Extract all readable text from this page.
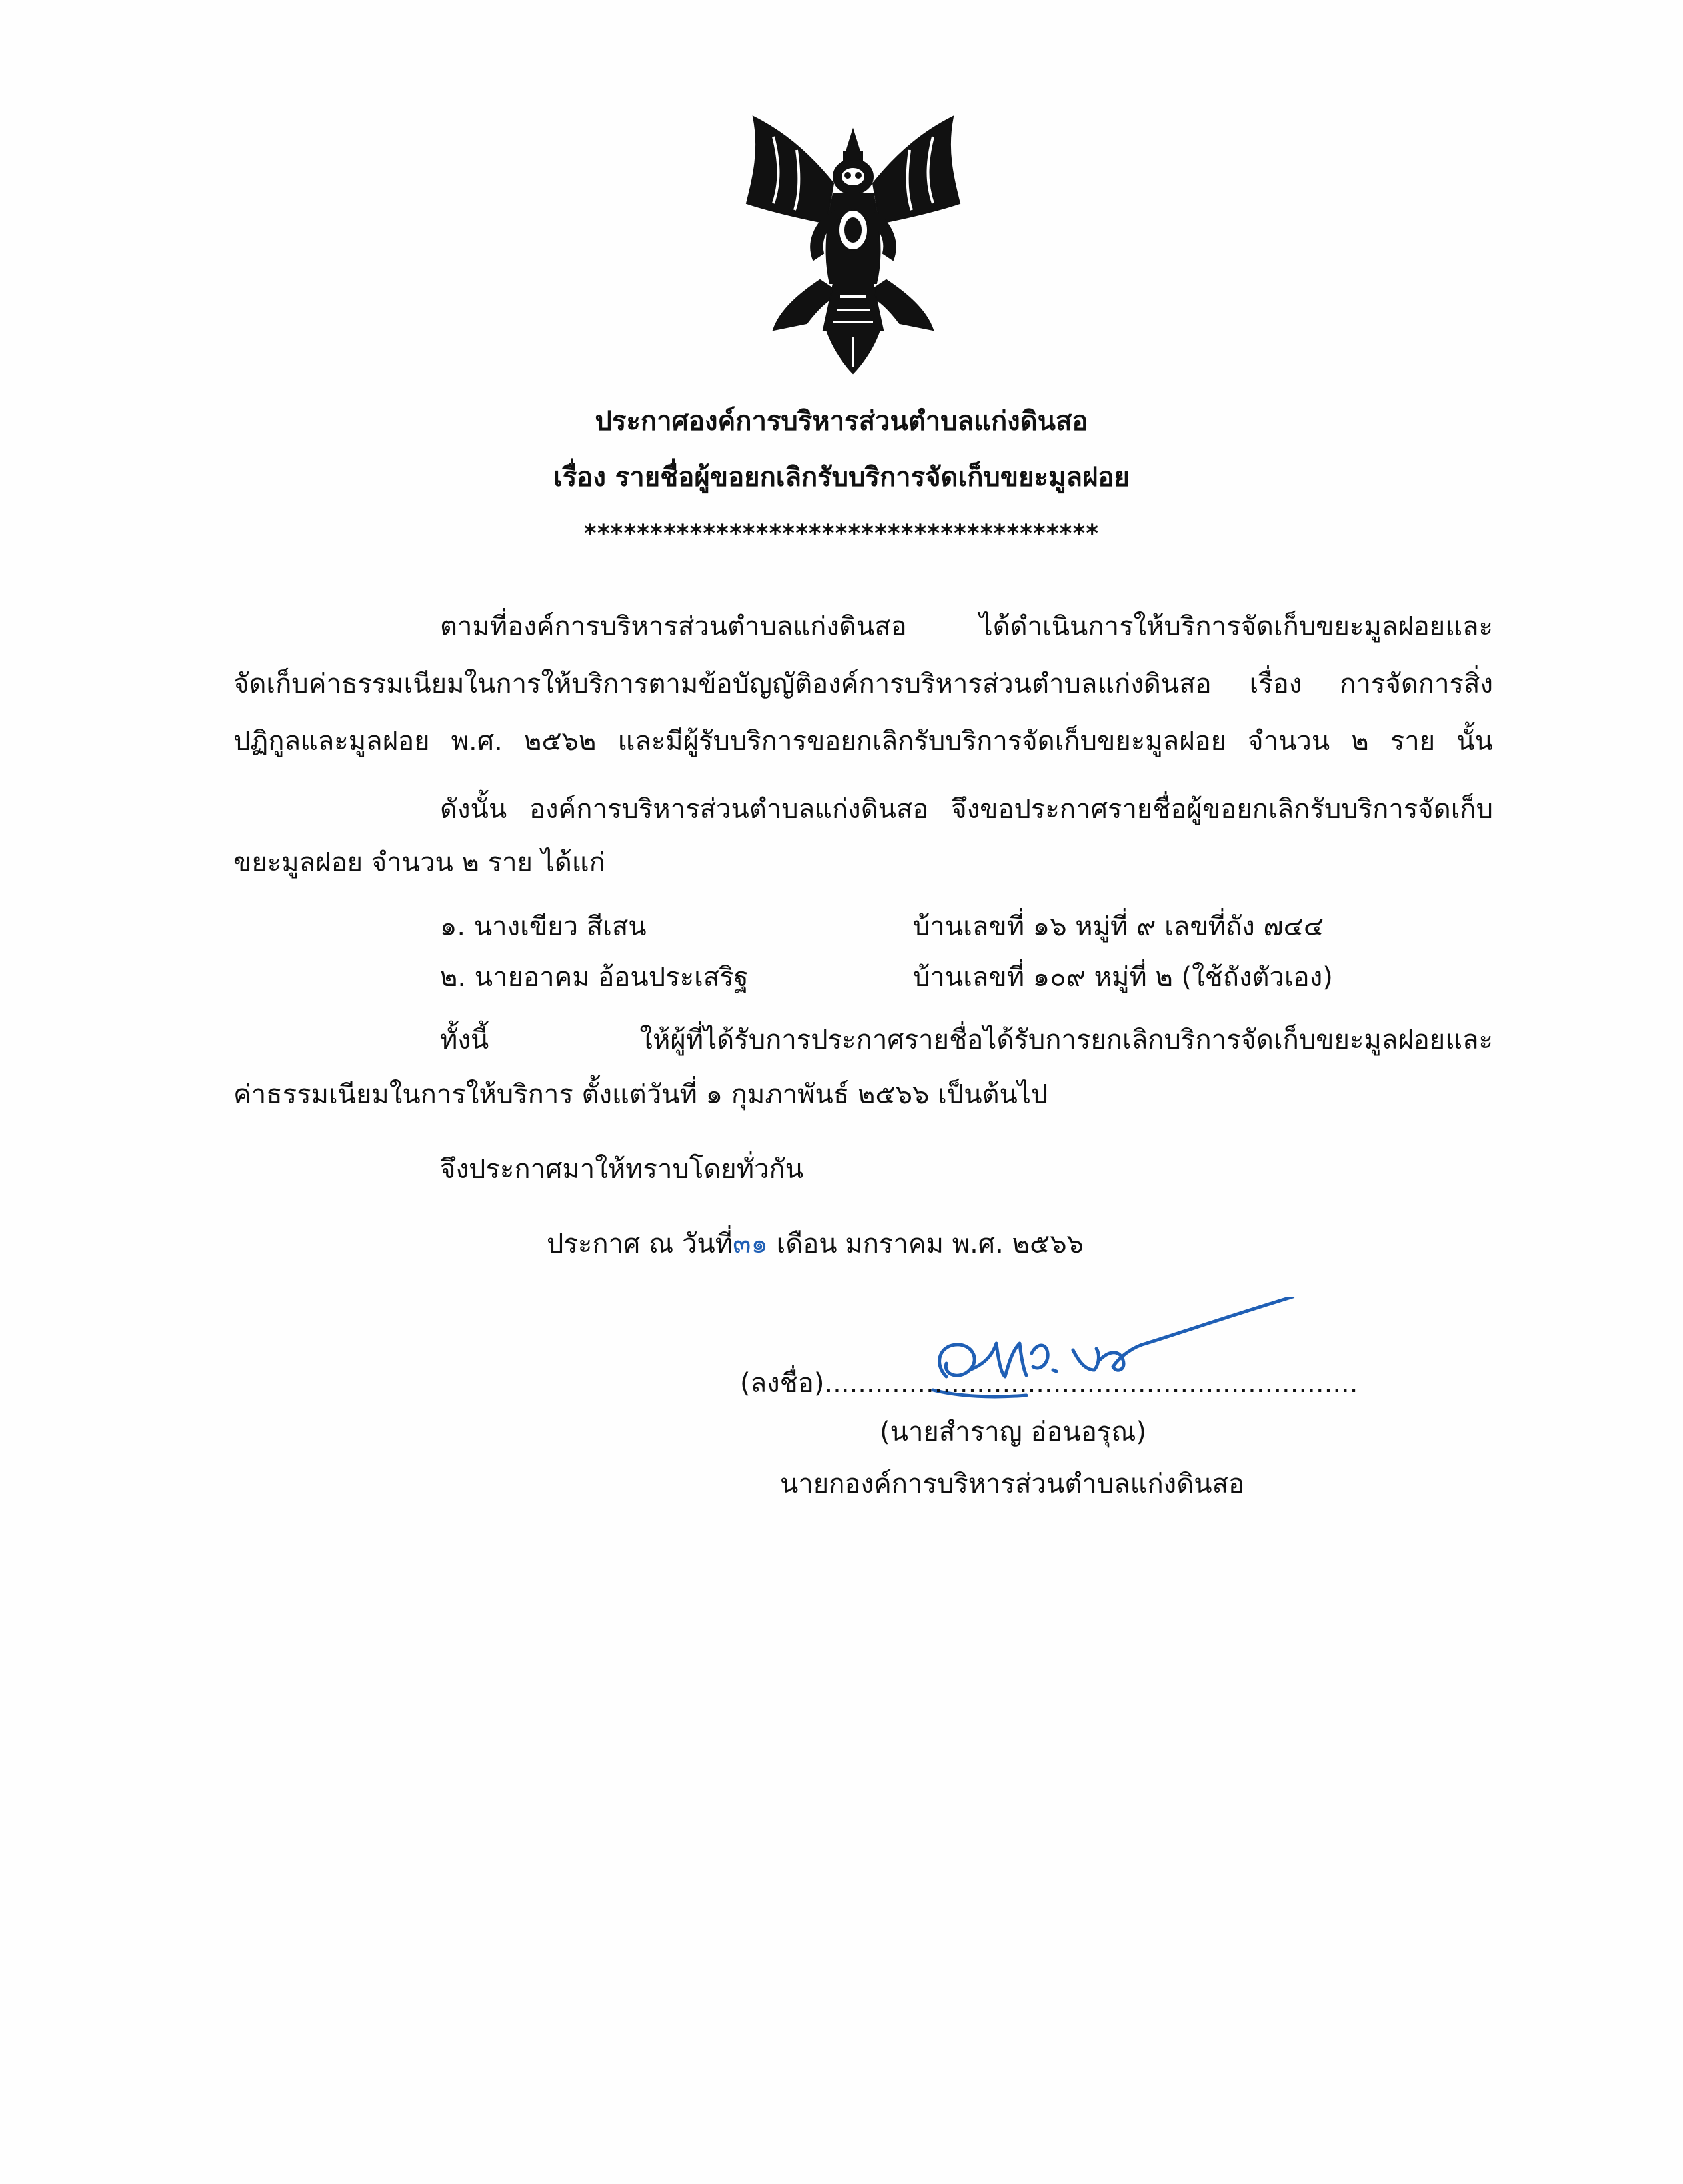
ประกาศองค์การบริหารส่วนตำบลแก่งดินสอ
เรื่อง รายชื่อผู้ขอยกเลิกรับบริการจัดเก็บขยะมูลฝอย
***************************************
ตามที่องค์การบริหารส่วนตำบลแก่งดินสอ ได้ดำเนินการให้บริการจัดเก็บขยะมูลฝอยและ
จัดเก็บค่าธรรมเนียมในการให้บริการตามข้อบัญญัติองค์การบริหารส่วนตำบลแก่งดินสอ เรื่อง การจัดการสิ่ง
ปฏิกูลและมูลฝอย พ.ศ. ๒๕๖๒ และมีผู้รับบริการขอยกเลิกรับบริการจัดเก็บขยะมูลฝอย จำนวน ๒ ราย นั้น
ดังนั้น องค์การบริหารส่วนตำบลแก่งดินสอ จึงขอประกาศรายชื่อผู้ขอยกเลิกรับบริการจัดเก็บ
ขยะมูลฝอย จำนวน ๒ ราย ได้แก่
๑. นางเขียว สีเสน	บ้านเลขที่ ๑๖ หมู่ที่ ๙ เลขที่ถัง ๗๔๔
๒. นายอาคม อ้อนประเสริฐ	บ้านเลขที่ ๑๐๙ หมู่ที่ ๒ (ใช้ถังตัวเอง)
ทั้งนี้ ให้ผู้ที่ได้รับการประกาศรายชื่อได้รับการยกเลิกบริการจัดเก็บขยะมูลฝอยและ
ค่าธรรมเนียมในการให้บริการ ตั้งแต่วันที่ ๑ กุมภาพันธ์ ๒๕๖๖ เป็นต้นไป
จึงประกาศมาให้ทราบโดยทั่วกัน
ประกาศ ณ วันที่๓๑ เดือน มกราคม พ.ศ. ๒๕๖๖
(ลงชื่อ)...............................................................
(นายสำราญ อ่อนอรุณ)
นายกองค์การบริหารส่วนตำบลแก่งดินสอ
